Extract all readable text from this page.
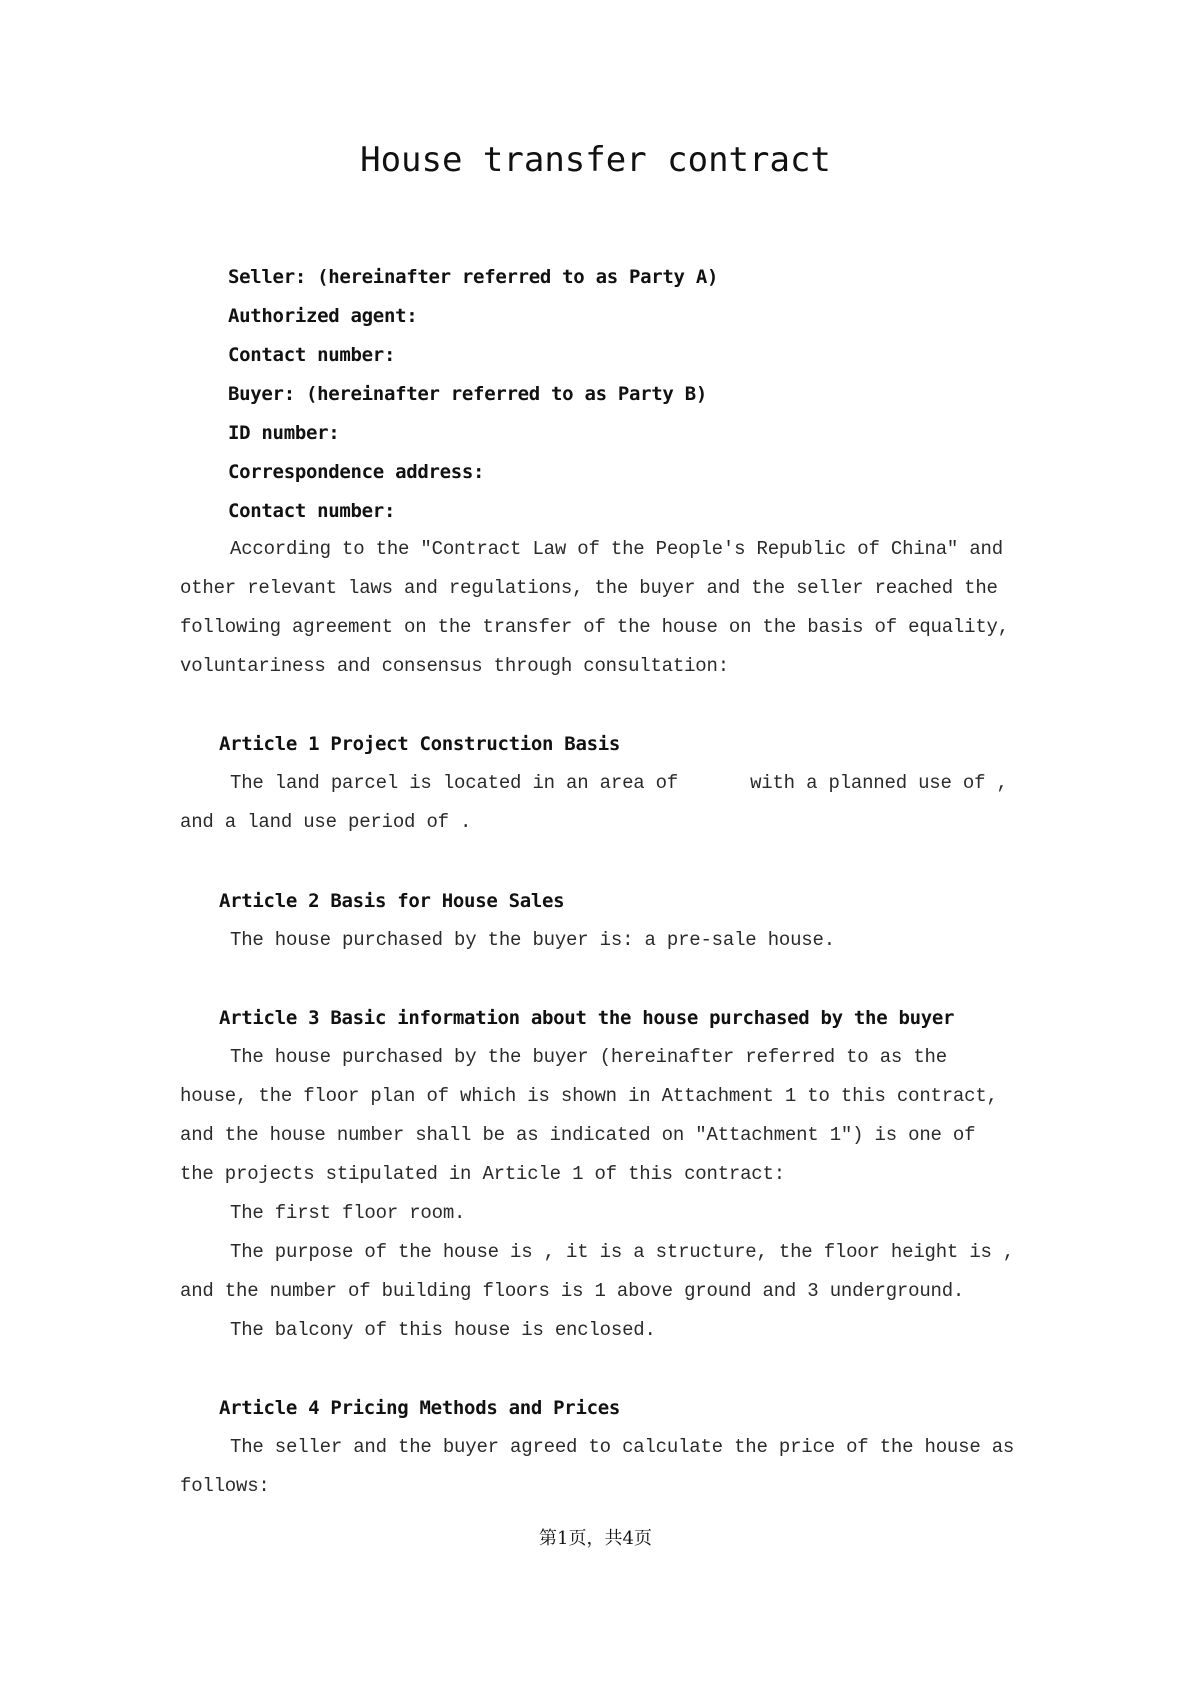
House transfer contract
Seller: (hereinafter referred to as Party A)
Authorized agent:
Contact number:
Buyer: (hereinafter referred to as Party B)
ID number:
Correspondence address:
Contact number:
According to the "Contract Law of the People's Republic of China" and other relevant laws and regulations, the buyer and the seller reached the following agreement on the transfer of the house on the basis of equality, voluntariness and consensus through consultation:
Article 1 Project Construction Basis
The land parcel is located in an area of	with a planned use of , and a land use period of .
Article 2 Basis for House Sales
The house purchased by the buyer is: a pre-sale house.
Article 3 Basic information about the house purchased by the buyer
The house purchased by the buyer (hereinafter referred to as the house, the floor plan of which is shown in Attachment 1 to this contract, and the house number shall be as indicated on "Attachment 1") is one of the projects stipulated in Article 1 of this contract:
The first floor room.
The purpose of the house is , it is a structure, the floor height is , and the number of building floors is 1 above ground and 3 underground.
The balcony of this house is enclosed.
Article 4 Pricing Methods and Prices
The seller and the buyer agreed to calculate the price of the house as follows:
第1页，共4页
